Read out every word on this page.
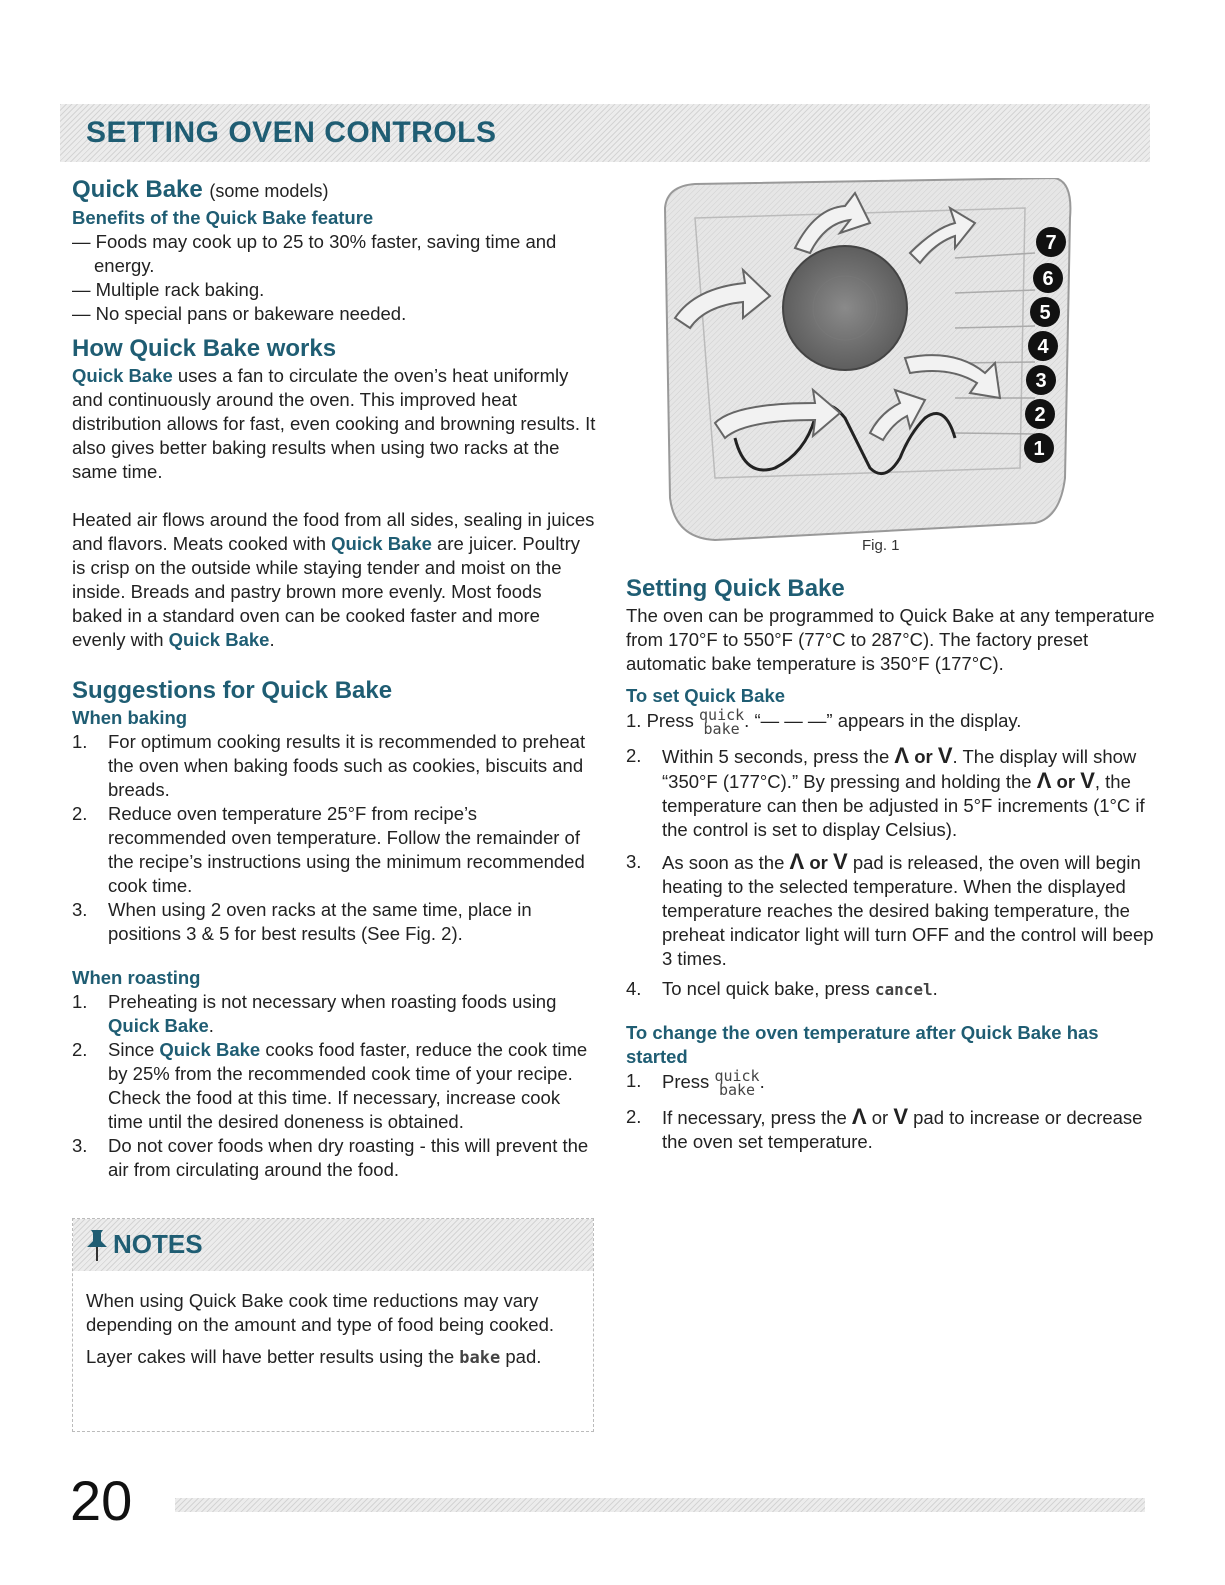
SETTING OVEN CONTROLS
Quick Bake (some models)
Benefits of the Quick Bake feature
— Foods may cook up to 25 to 30% faster, saving time and energy.
— Multiple rack baking.
— No special pans or bakeware needed.
How Quick Bake works
Quick Bake uses a fan to circulate the oven’s heat uniformly and continuously around the oven. This improved heat distribution allows for fast, even cooking and browning results. It also gives better baking results when using two racks at the same time.
Heated air flows around the food from all sides, sealing in juices and flavors. Meats cooked with Quick Bake are juicer. Poultry is crisp on the outside while staying tender and moist on the inside. Breads and pastry brown more evenly. Most foods baked in a standard oven can be cooked faster and more evenly with Quick Bake.
Suggestions for Quick Bake
When baking
1. For optimum cooking results it is recommended to preheat the oven when baking foods such as cookies, biscuits and breads.
2. Reduce oven temperature 25°F from recipe’s recommended oven temperature. Follow the remainder of the recipe’s instructions using the minimum recommended cook time.
3. When using 2 oven racks at the same time, place in positions 3 & 5 for best results (See Fig. 2).
When roasting
1. Preheating is not necessary when roasting foods using Quick Bake.
2. Since Quick Bake cooks food faster, reduce the cook time by 25% from the recommended cook time of your recipe. Check the food at this time. If necessary, increase cook time until the desired doneness is obtained.
3. Do not cover foods when dry roasting - this will prevent the air from circulating around the food.
NOTES
When using Quick Bake cook time reductions may vary depending on the amount and type of food being cooked.
Layer cakes will have better results using the bake pad.
7
6
5
4
3
2
1
Fig. 1
Setting Quick Bake
The oven can be programmed to Quick Bake at any temperature from 170°F to 550°F (77°C to 287°C). The factory preset automatic bake temperature is 350°F (177°C).
To set Quick Bake
1. Press quick
bake . “— — —” appears in the display.
2. Within 5 seconds, press the Λ or V. The display will show “350°F (177°C).” By pressing and holding the Λ or V, the temperature can then be adjusted in 5°F increments (1°C if the control is set to display Celsius).
3. As soon as the Λ or V pad is released, the oven will begin heating to the selected temperature. When the displayed temperature reaches the desired baking temperature, the preheat indicator light will turn OFF and the control will beep 3 times.
4. To ncel quick bake, press cancel.
To change the oven temperature after Quick Bake has started
1. Press quick
bake .
2. If necessary, press the Λ or V pad to increase or decrease the oven set temperature.
20
